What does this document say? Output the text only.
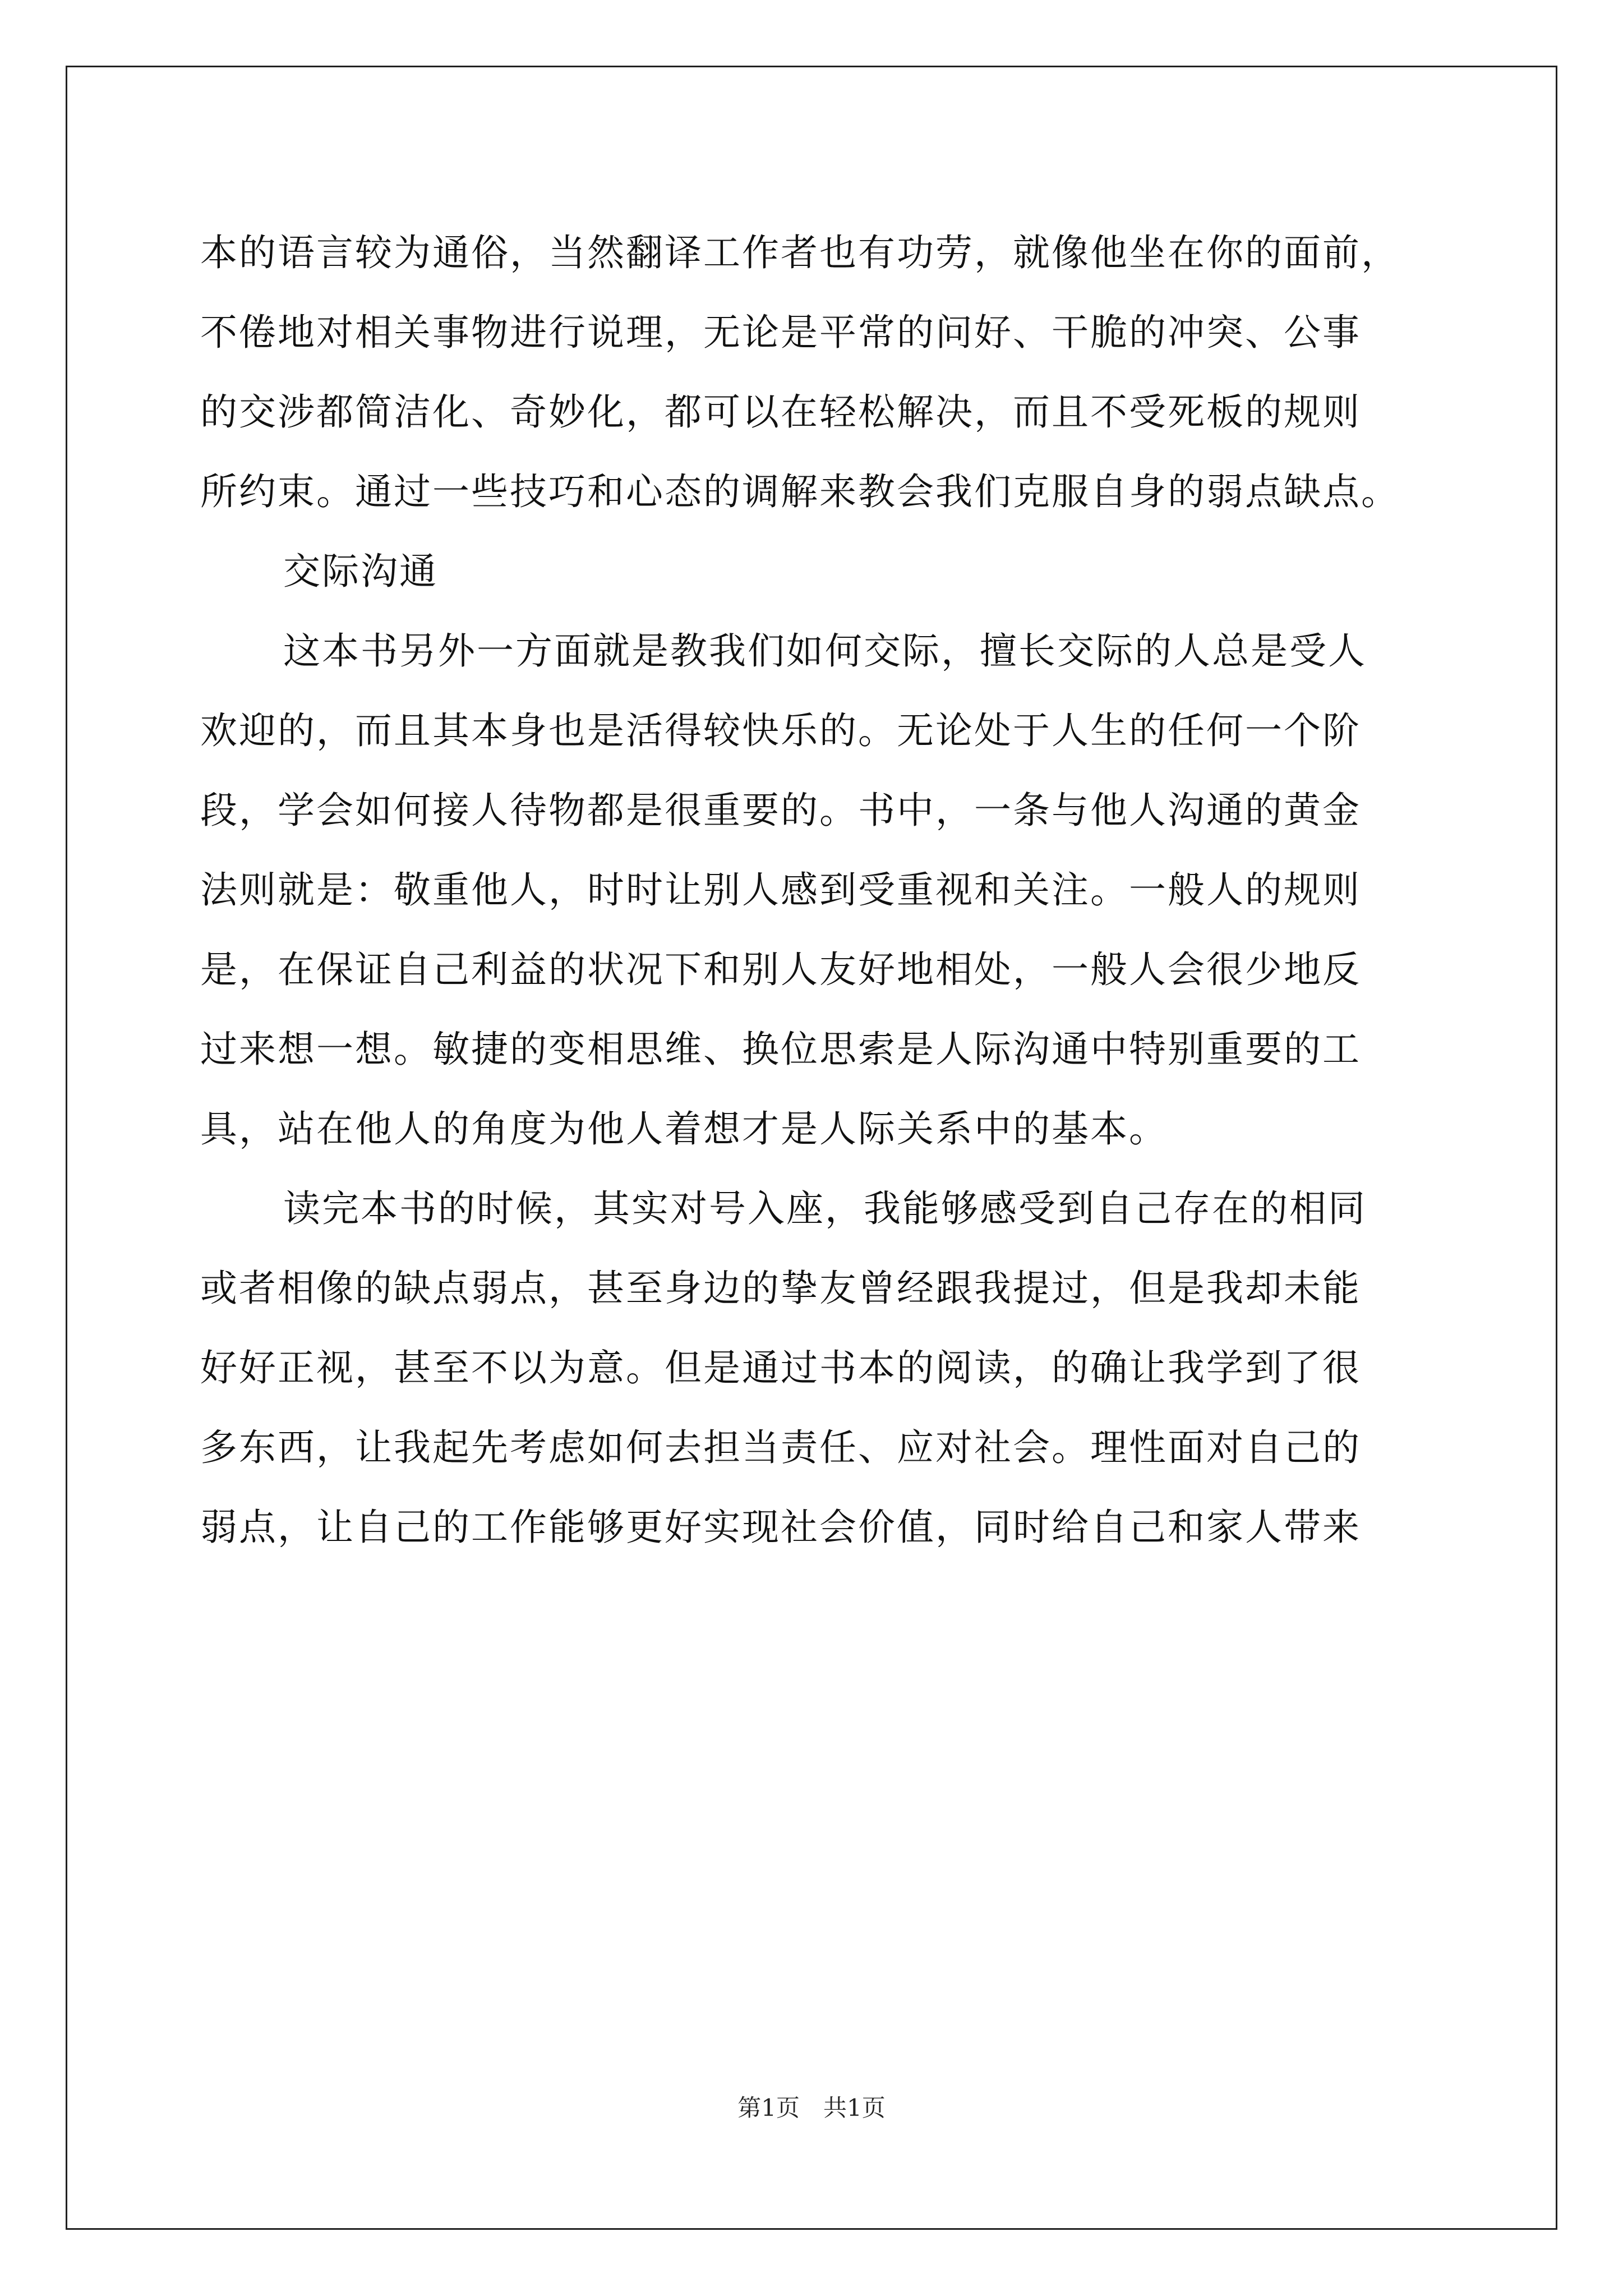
本的语言较为通俗，当然翻译工作者也有功劳，就像他坐在你的面前，
不倦地对相关事物进行说理，无论是平常的问好、干脆的冲突、公事
的交涉都简洁化、奇妙化，都可以在轻松解决，而且不受死板的规则
所约束。通过一些技巧和心态的调解来教会我们克服自身的弱点缺点。
交际沟通
这本书另外一方面就是教我们如何交际，擅长交际的人总是受人
欢迎的，而且其本身也是活得较快乐的。无论处于人生的任何一个阶
段，学会如何接人待物都是很重要的。书中，一条与他人沟通的黄金
法则就是：敬重他人，时时让别人感到受重视和关注。一般人的规则
是，在保证自己利益的状况下和别人友好地相处，一般人会很少地反
过来想一想。敏捷的变相思维、换位思索是人际沟通中特别重要的工
具，站在他人的角度为他人着想才是人际关系中的基本。
读完本书的时候，其实对号入座，我能够感受到自己存在的相同
或者相像的缺点弱点，甚至身边的挚友曾经跟我提过，但是我却未能
好好正视，甚至不以为意。但是通过书本的阅读，的确让我学到了很
多东西，让我起先考虑如何去担当责任、应对社会。理性面对自己的
弱点，让自己的工作能够更好实现社会价值，同时给自己和家人带来
第1页　共1页
